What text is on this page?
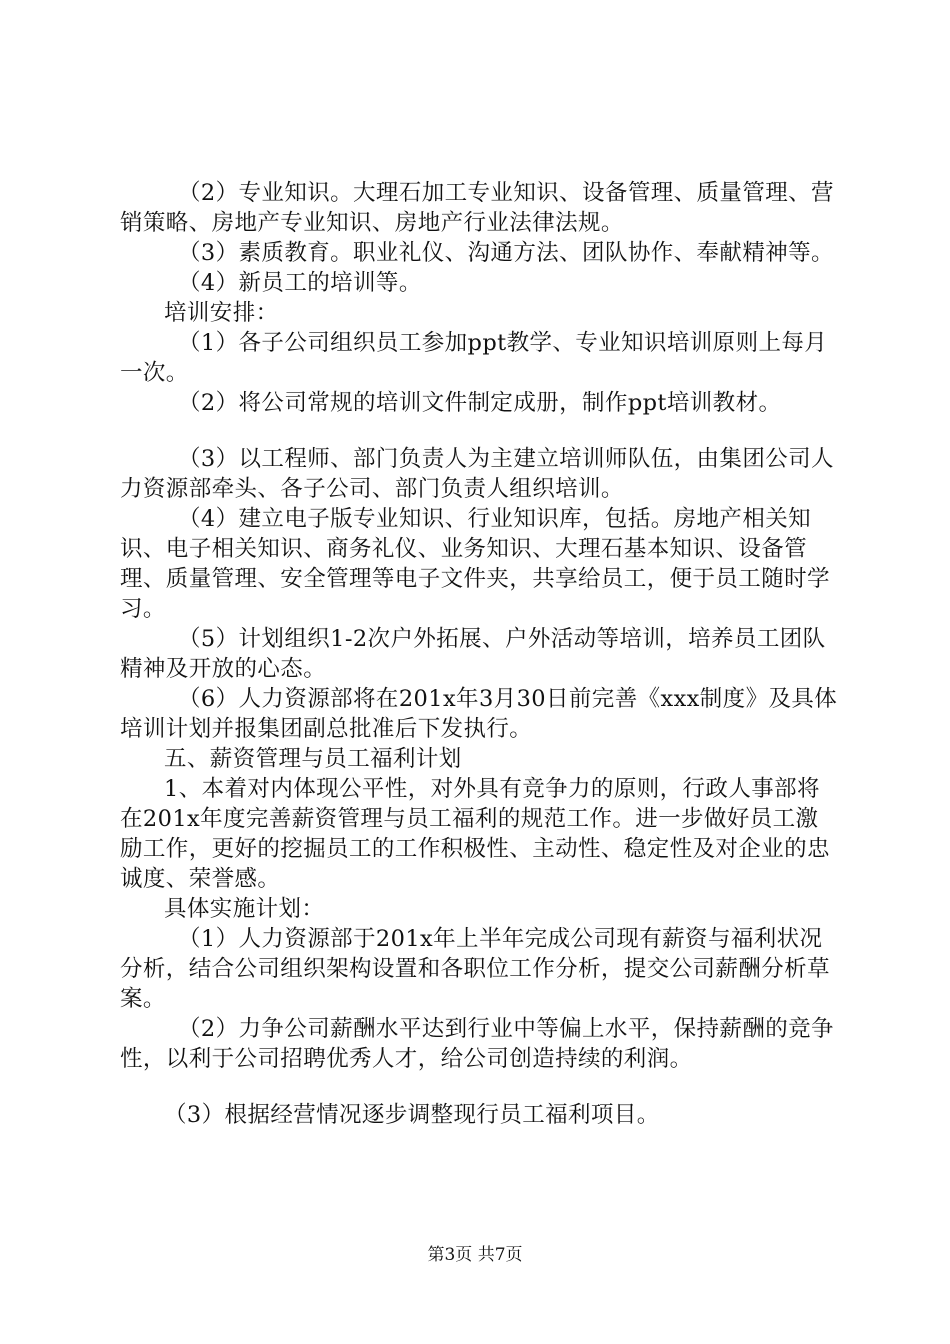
（2）专业知识。大理石加工专业知识、设备管理、质量管理、营销策略、房地产专业知识、房地产行业法律法规。

（3）素质教育。职业礼仪、沟通方法、团队协作、奉献精神等。

（4）新员工的培训等。

培训安排：

（1）各子公司组织员工参加ppt教学、专业知识培训原则上每月一次。

（2）将公司常规的培训文件制定成册，制作ppt培训教材。

（3）以工程师、部门负责人为主建立培训师队伍，由集团公司人力资源部牵头、各子公司、部门负责人组织培训。

（4）建立电子版专业知识、行业知识库，包括。房地产相关知识、电子相关知识、商务礼仪、业务知识、大理石基本知识、设备管理、质量管理、安全管理等电子文件夹，共享给员工，便于员工随时学习。

（5）计划组织1-2次户外拓展、户外活动等培训，培养员工团队精神及开放的心态。

（6）人力资源部将在201x年3月30日前完善《xxx制度》及具体培训计划并报集团副总批准后下发执行。

五、薪资管理与员工福利计划

1、本着对内体现公平性，对外具有竞争力的原则，行政人事部将在201x年度完善薪资管理与员工福利的规范工作。进一步做好员工激励工作，更好的挖掘员工的工作积极性、主动性、稳定性及对企业的忠诚度、荣誉感。

具体实施计划：

（1）人力资源部于201x年上半年完成公司现有薪资与福利状况分析，结合公司组织架构设置和各职位工作分析，提交公司薪酬分析草案。

（2）力争公司薪酬水平达到行业中等偏上水平，保持薪酬的竞争性，以利于公司招聘优秀人才，给公司创造持续的利润。

（3）根据经营情况逐步调整现行员工福利项目。

第3页 共7页
